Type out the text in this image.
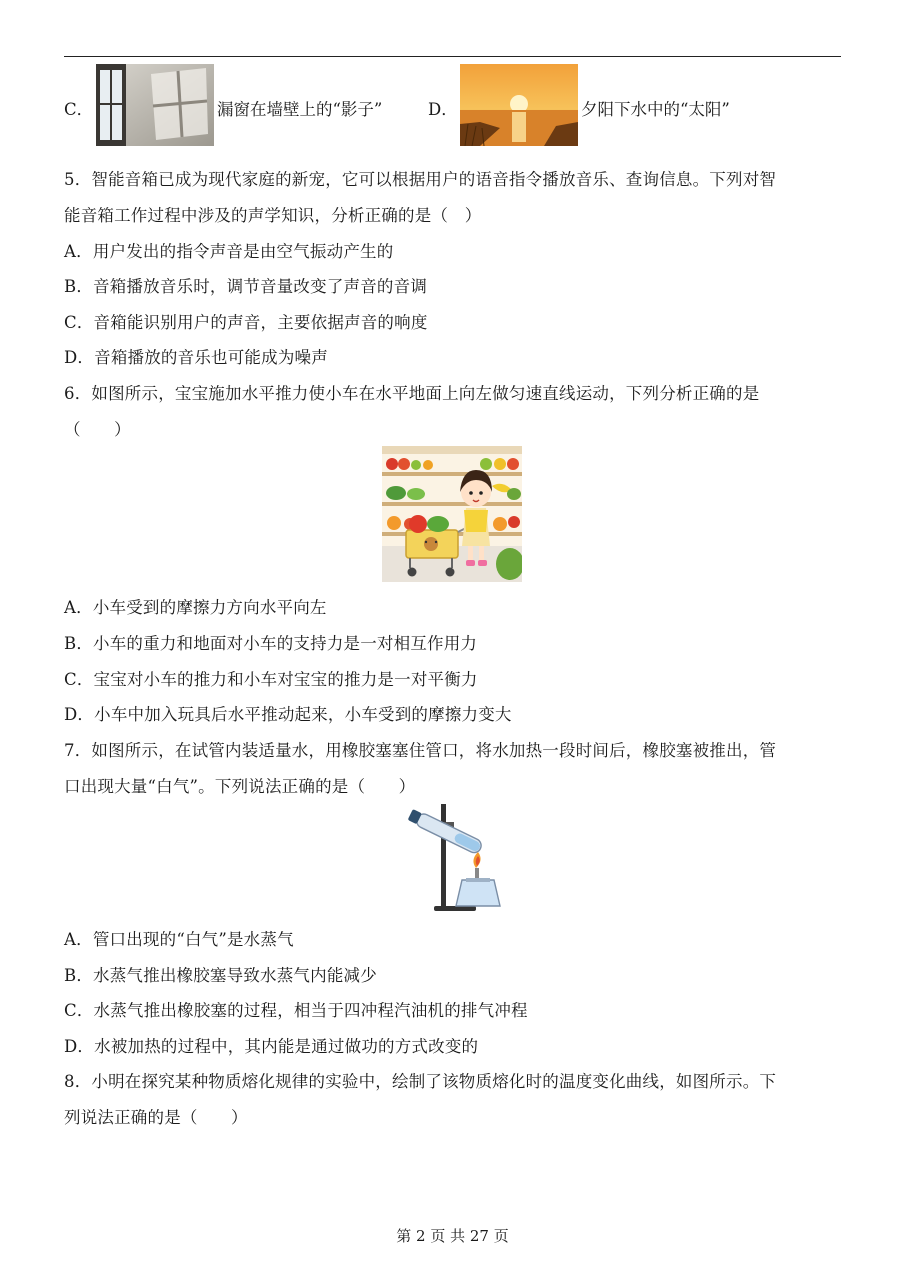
C．	漏窗在墙壁上的“影子”	D．	夕阳下水中的“太阳”
5．智能音箱已成为现代家庭的新宠，它可以根据用户的语音指令播放音乐、查询信息。下列对智
能音箱工作过程中涉及的声学知识，分析正确的是（　）
A．用户发出的指令声音是由空气振动产生的
B．音箱播放音乐时，调节音量改变了声音的音调
C．音箱能识别用户的声音，主要依据声音的响度
D．音箱播放的音乐也可能成为噪声
6．如图所示，宝宝施加水平推力使小车在水平地面上向左做匀速直线运动，下列分析正确的是
（　　）
A．小车受到的摩擦力方向水平向左
B．小车的重力和地面对小车的支持力是一对相互作用力
C．宝宝对小车的推力和小车对宝宝的推力是一对平衡力
D．小车中加入玩具后水平推动起来，小车受到的摩擦力变大
7．如图所示，在试管内装适量水，用橡胶塞塞住管口，将水加热一段时间后，橡胶塞被推出，管
口出现大量“白气”。下列说法正确的是（　　）
A．管口出现的“白气”是水蒸气
B．水蒸气推出橡胶塞导致水蒸气内能减少
C．水蒸气推出橡胶塞的过程，相当于四冲程汽油机的排气冲程
D．水被加热的过程中，其内能是通过做功的方式改变的
8．小明在探究某种物质熔化规律的实验中，绘制了该物质熔化时的温度变化曲线，如图所示。下
列说法正确的是（　　）
第 2 页 共 27 页
